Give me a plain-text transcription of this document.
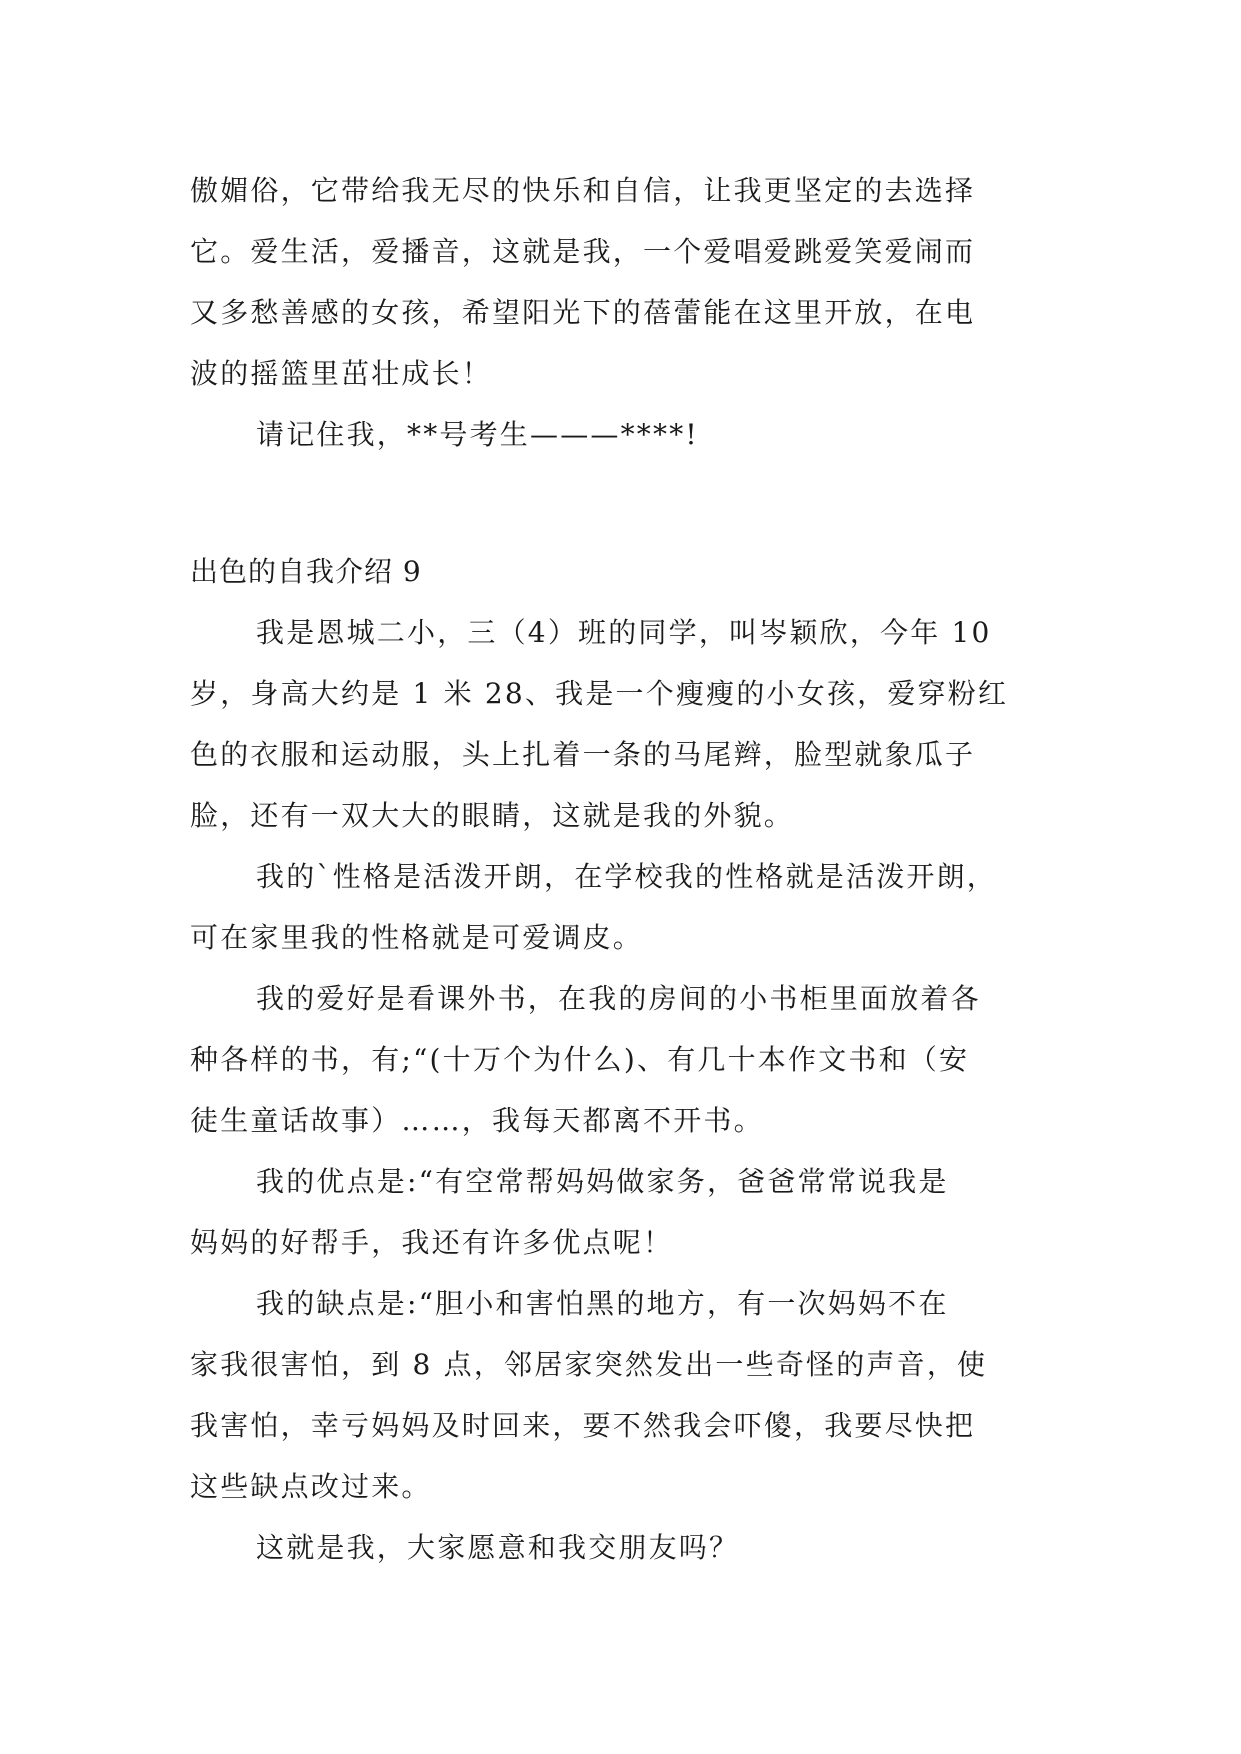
傲媚俗，它带给我无尽的快乐和自信，让我更坚定的去选择
它。爱生活，爱播音，这就是我，一个爱唱爱跳爱笑爱闹而
又多愁善感的女孩，希望阳光下的蓓蕾能在这里开放，在电
波的摇篮里茁壮成长！
请记住我，**号考生———****!
出色的自我介绍 9
我是恩城二小，三（4）班的同学，叫岑颖欣，今年 10
岁，身高大约是 1 米 28、我是一个瘦瘦的小女孩，爱穿粉红
色的衣服和运动服，头上扎着一条的马尾辫，脸型就象瓜子
脸，还有一双大大的眼睛，这就是我的外貌。
我的`性格是活泼开朗，在学校我的性格就是活泼开朗，
可在家里我的性格就是可爱调皮。
我的爱好是看课外书，在我的房间的小书柜里面放着各
种各样的书，有;“(十万个为什么)、有几十本作文书和（安
徒生童话故事）……，我每天都离不开书。
我的优点是:“有空常帮妈妈做家务，爸爸常常说我是
妈妈的好帮手，我还有许多优点呢！
我的缺点是:“胆小和害怕黑的地方，有一次妈妈不在
家我很害怕，到 8 点，邻居家突然发出一些奇怪的声音，使
我害怕，幸亏妈妈及时回来，要不然我会吓傻，我要尽快把
这些缺点改过来。
这就是我，大家愿意和我交朋友吗？
